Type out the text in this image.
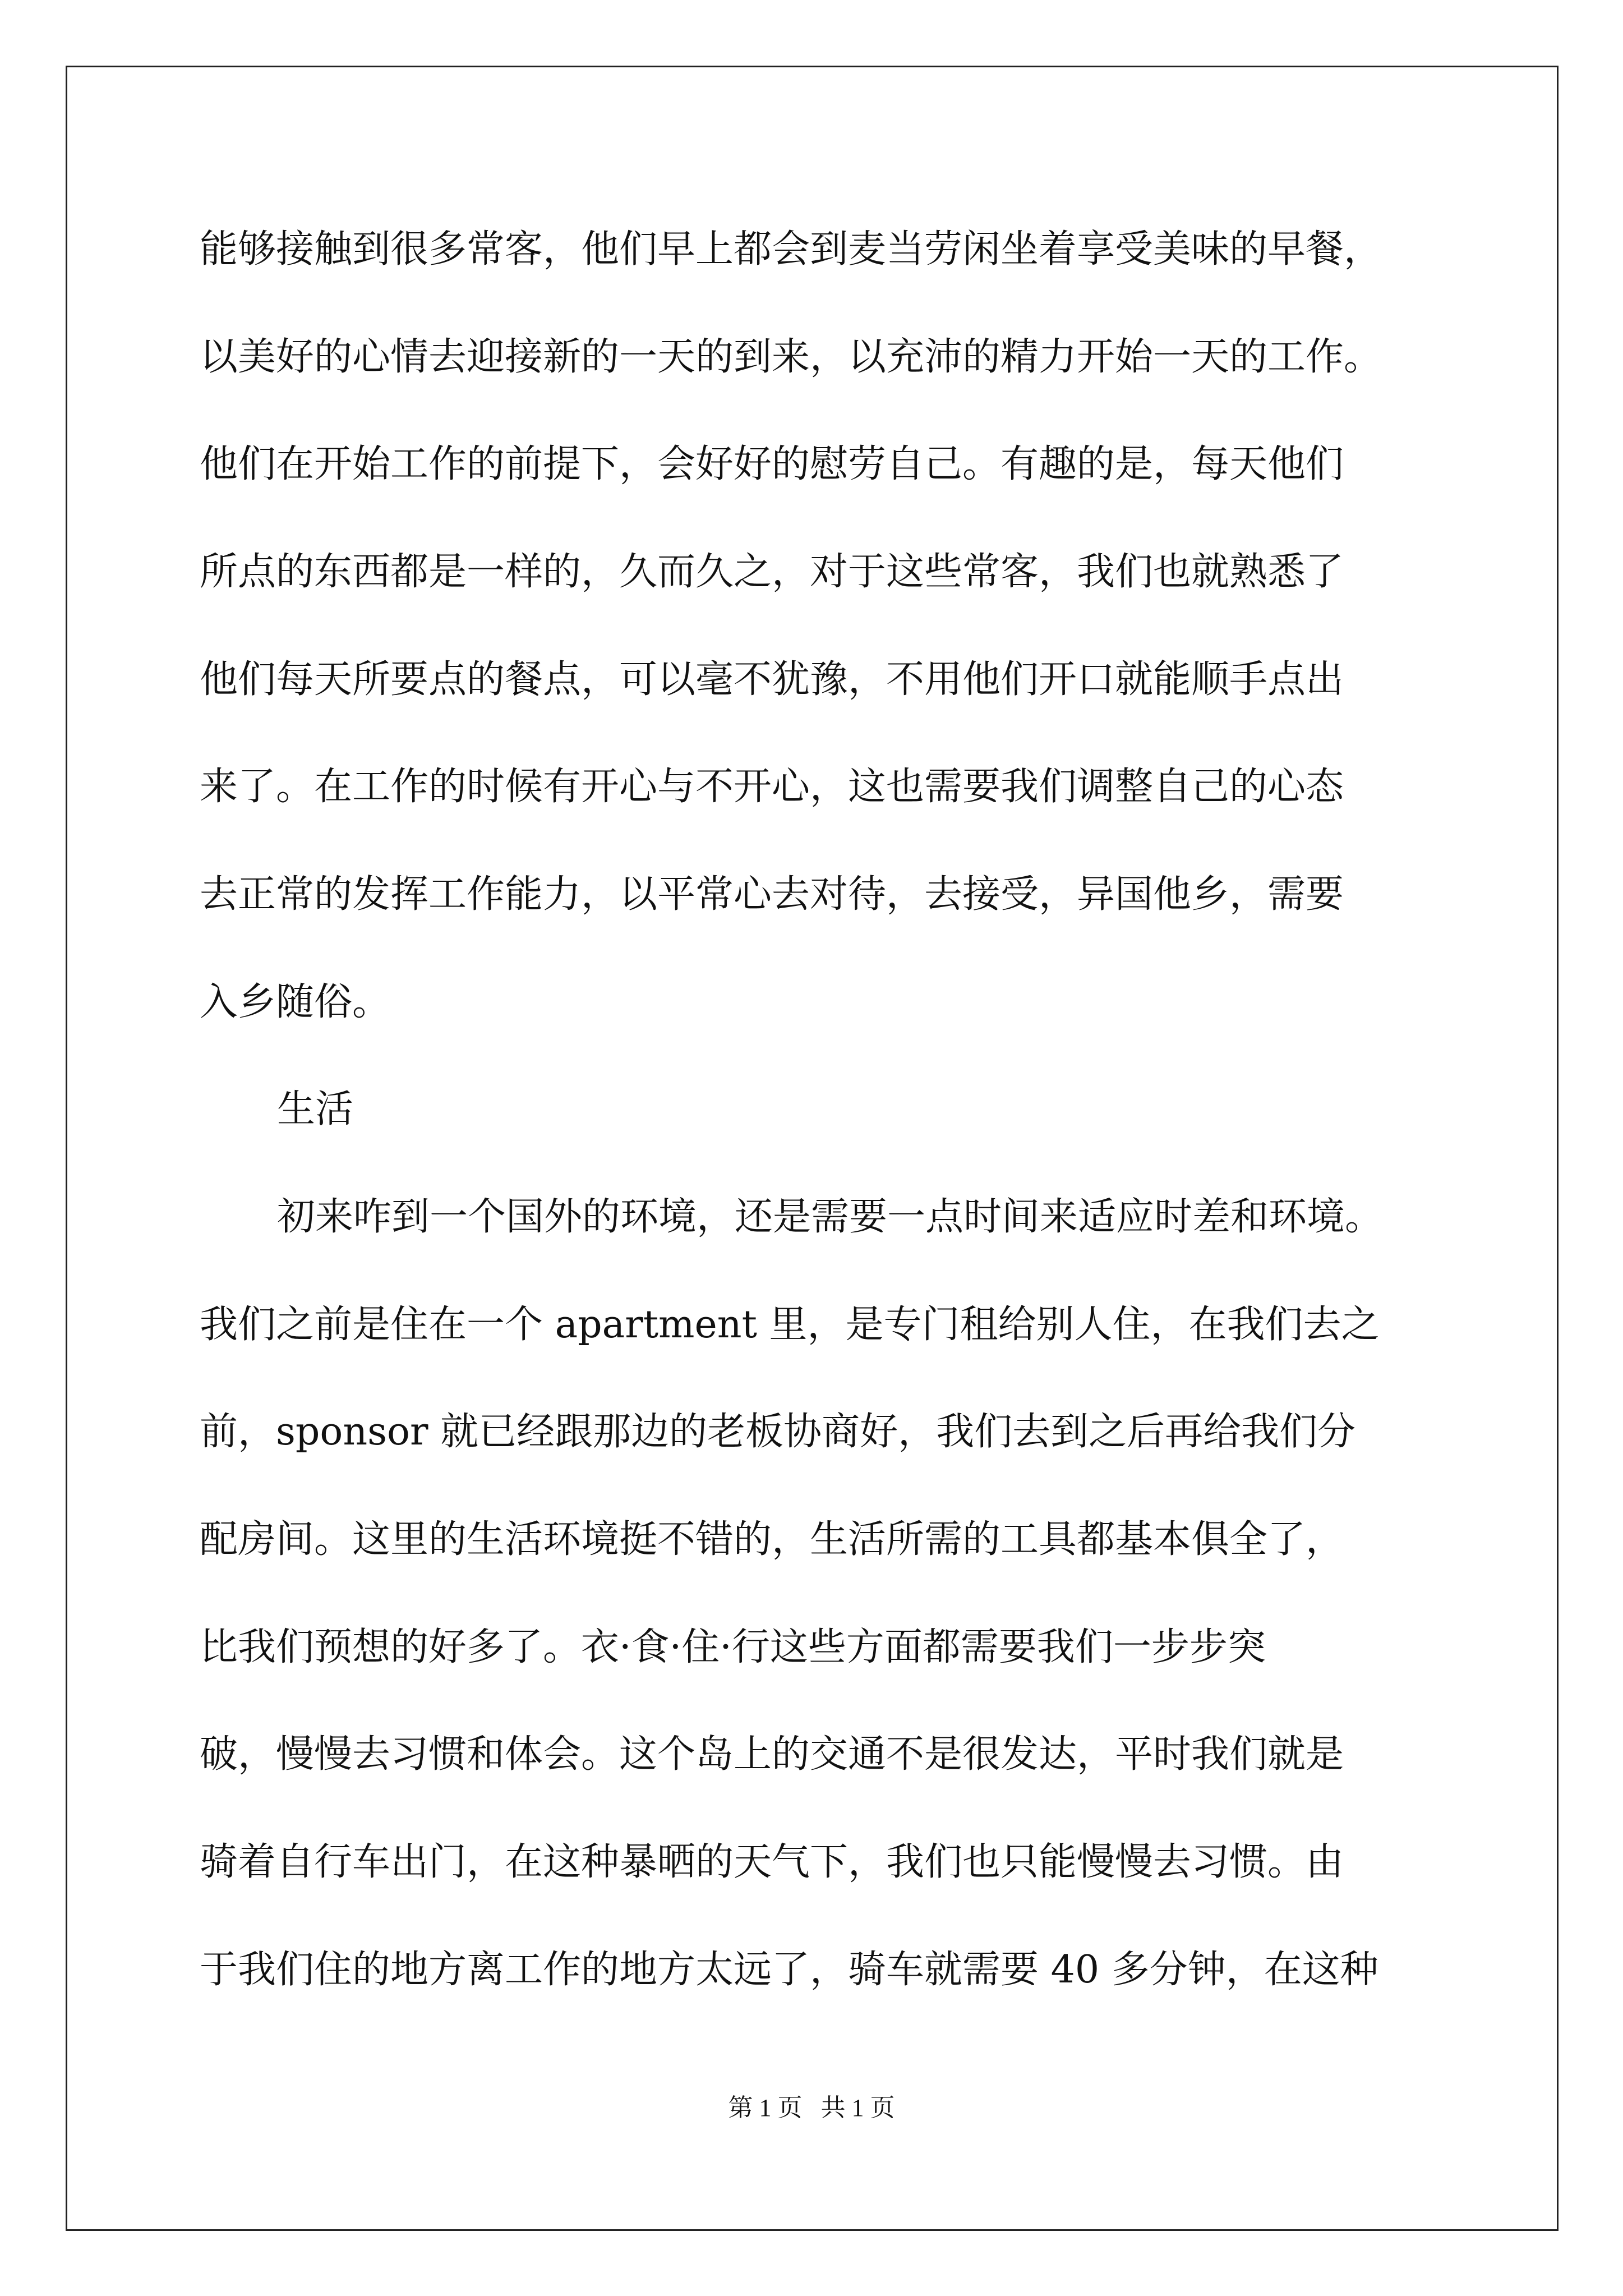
能够接触到很多常客，他们早上都会到麦当劳闲坐着享受美味的早餐，
以美好的心情去迎接新的一天的到来，以充沛的精力开始一天的工作。
他们在开始工作的前提下，会好好的慰劳自己。有趣的是，每天他们
所点的东西都是一样的，久而久之，对于这些常客，我们也就熟悉了
他们每天所要点的餐点，可以毫不犹豫，不用他们开口就能顺手点出
来了。在工作的时候有开心与不开心，这也需要我们调整自己的心态
去正常的发挥工作能力，以平常心去对待，去接受，异国他乡，需要
入乡随俗。
生活
初来咋到一个国外的环境，还是需要一点时间来适应时差和环境。
我们之前是住在一个 apartment 里，是专门租给别人住，在我们去之
前，sponsor 就已经跟那边的老板协商好，我们去到之后再给我们分
配房间。这里的生活环境挺不错的，生活所需的工具都基本俱全了，
比我们预想的好多了。衣·食·住·行这些方面都需要我们一步步突
破，慢慢去习惯和体会。这个岛上的交通不是很发达，平时我们就是
骑着自行车出门，在这种暴晒的天气下，我们也只能慢慢去习惯。由
于我们住的地方离工作的地方太远了，骑车就需要 40 多分钟，在这种
第 1 页   共 1 页
